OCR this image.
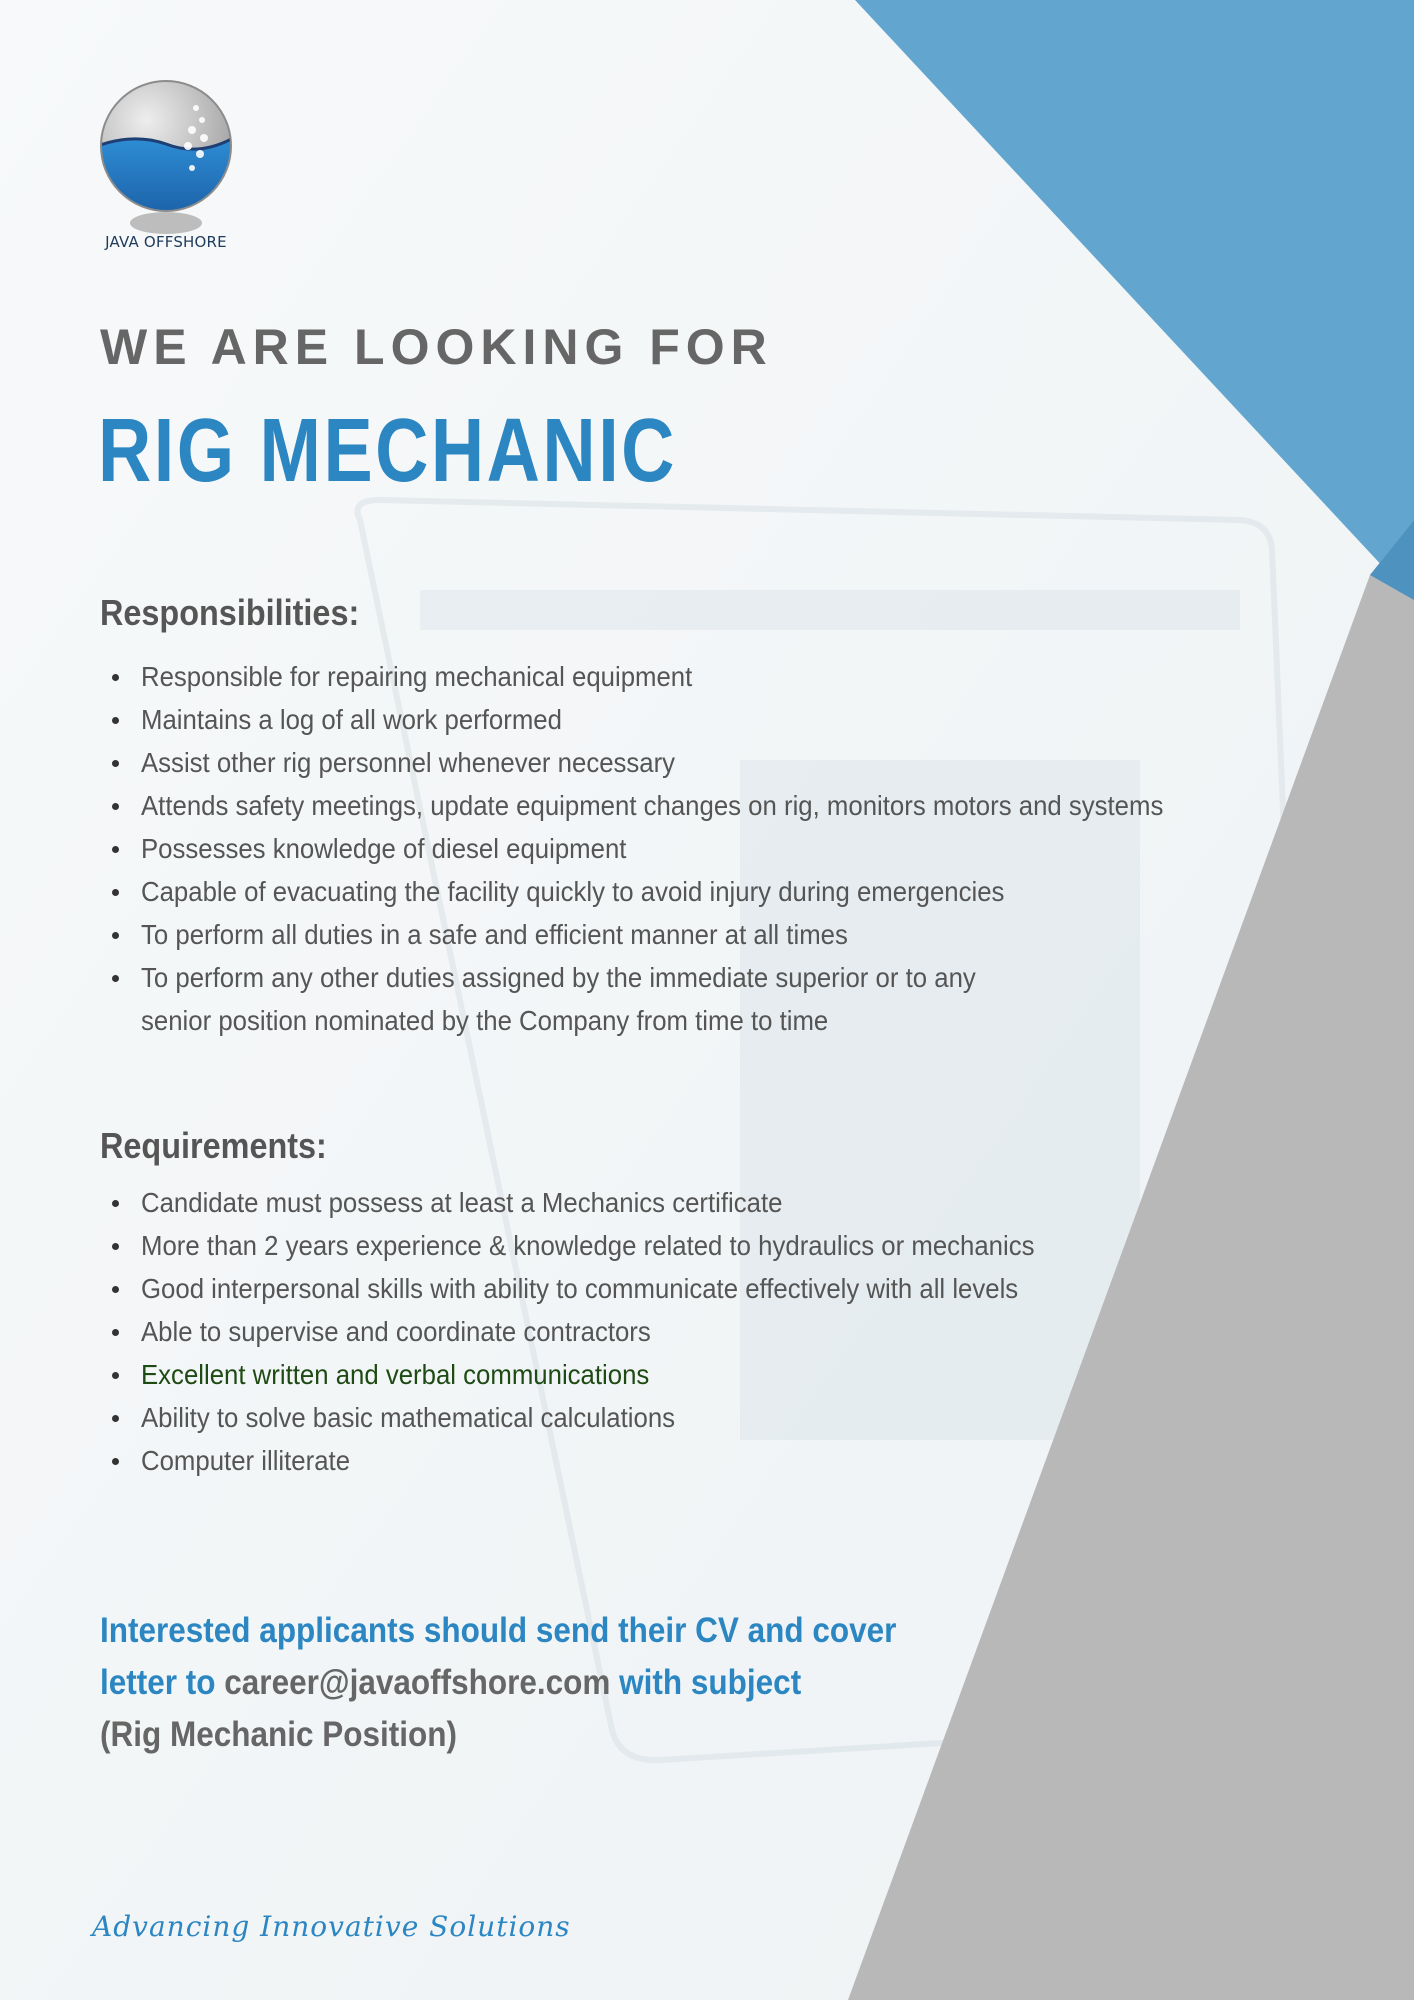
JAVA OFFSHORE
WE ARE LOOKING FOR
RIG MECHANIC
Responsibilities:
Responsible for repairing mechanical equipment
Maintains a log of all work performed
Assist other rig personnel whenever necessary
Attends safety meetings, update equipment changes on rig, monitors motors and systems
Possesses knowledge of diesel equipment
Capable of evacuating the facility quickly to avoid injury during emergencies
To perform all duties in a safe and efficient manner at all times
To perform any other duties assigned by the immediate superior or to any senior position nominated by the Company from time to time
Requirements:
Candidate must possess at least a Mechanics certificate
More than 2 years experience & knowledge related to hydraulics or mechanics
Good interpersonal skills with ability to communicate effectively with all levels
Able to supervise and coordinate contractors
Excellent written and verbal communications
Ability to solve basic mathematical calculations
Computer illiterate
Interested applicants should send their CV and cover
letter to career@javaoffshore.com with subject
(Rig Mechanic Position)
Advancing Innovative Solutions
